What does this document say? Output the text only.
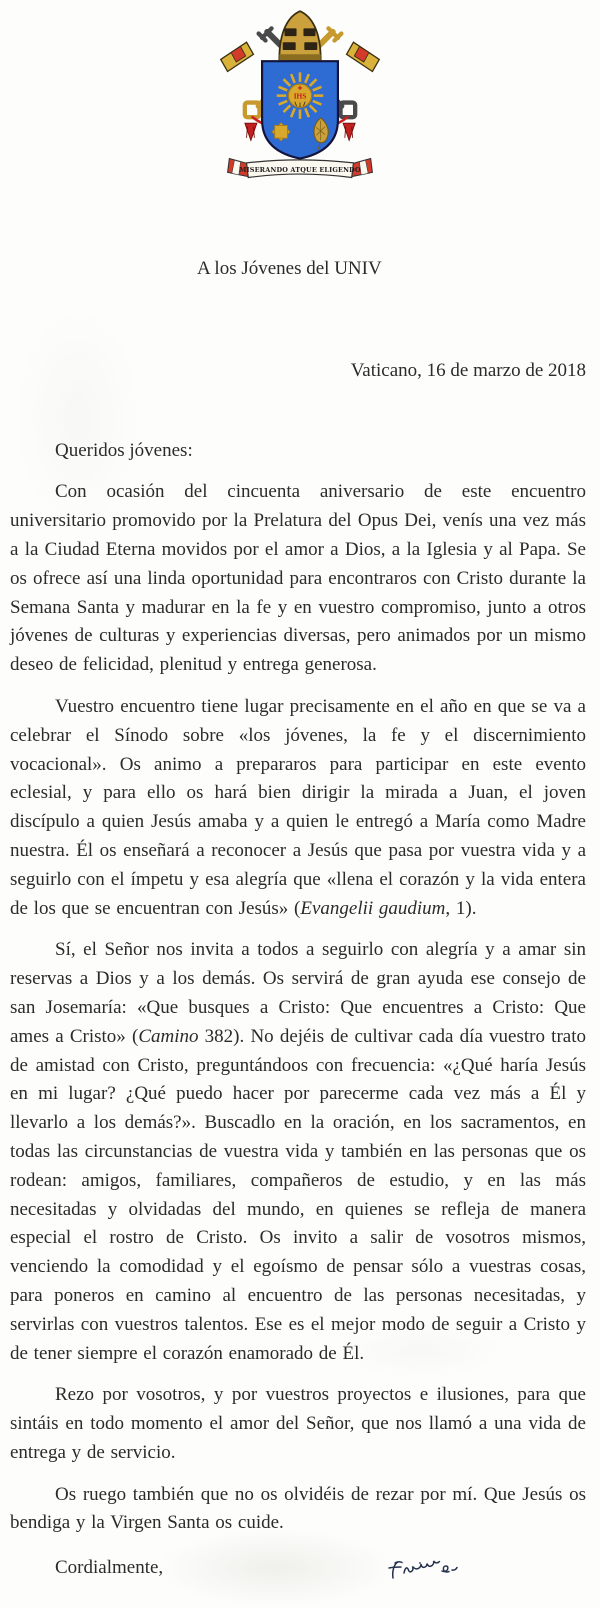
IHS
MISERANDO ATQUE ELIGENDO
A los Jóvenes del UNIV
Vaticano, 16 de marzo de 2018
Queridos jóvenes:

Con ocasión del cincuenta aniversario de este encuentro universitario promovido por la Prelatura del Opus Dei, venís una vez más a la Ciudad Eterna movidos por el amor a Dios, a la Iglesia y al Papa. Se os ofrece así una linda oportunidad para encontraros con Cristo durante la Semana Santa y madurar en la fe y en vuestro compromiso, junto a otros jóvenes de culturas y experiencias diversas, pero animados por un mismo deseo de felicidad, plenitud y entrega generosa.

Vuestro encuentro tiene lugar precisamente en el año en que se va a celebrar el Sínodo sobre «los jóvenes, la fe y el discernimiento vocacional». Os animo a prepararos para participar en este evento eclesial, y para ello os hará bien dirigir la mirada a Juan, el joven discípulo a quien Jesús amaba y a quien le entregó a María como Madre nuestra. Él os enseñará a reconocer a Jesús que pasa por vuestra vida y a seguirlo con el ímpetu y esa alegría que «llena el corazón y la vida entera de los que se encuentran con Jesús» (Evangelii gaudium, 1).

Sí, el Señor nos invita a todos a seguirlo con alegría y a amar sin reservas a Dios y a los demás. Os servirá de gran ayuda ese consejo de san Josemaría: «Que busques a Cristo: Que encuentres a Cristo: Que ames a Cristo» (Camino 382). No dejéis de cultivar cada día vuestro trato de amistad con Cristo, preguntándoos con frecuencia: «¿Qué haría Jesús en mi lugar? ¿Qué puedo hacer por parecerme cada vez más a Él y llevarlo a los demás?». Buscadlo en la oración, en los sacramentos, en todas las circunstancias de vuestra vida y también en las personas que os rodean: amigos, familiares, compañeros de estudio, y en las más necesitadas y olvidadas del mundo, en quienes se refleja de manera especial el rostro de Cristo. Os invito a salir de vosotros mismos, venciendo la comodidad y el egoísmo de pensar sólo a vuestras cosas, para poneros en camino al encuentro de las personas necesitadas, y servirlas con vuestros talentos. Ese es el mejor modo de seguir a Cristo y de tener siempre el corazón enamorado de Él.

Rezo por vosotros, y por vuestros proyectos e ilusiones, para que sintáis en todo momento el amor del Señor, que nos llamó a una vida de entrega y de servicio.

Os ruego también que no os olvidéis de rezar por mí. Que Jesús os bendiga y la Virgen Santa os cuide.

Cordialmente,
